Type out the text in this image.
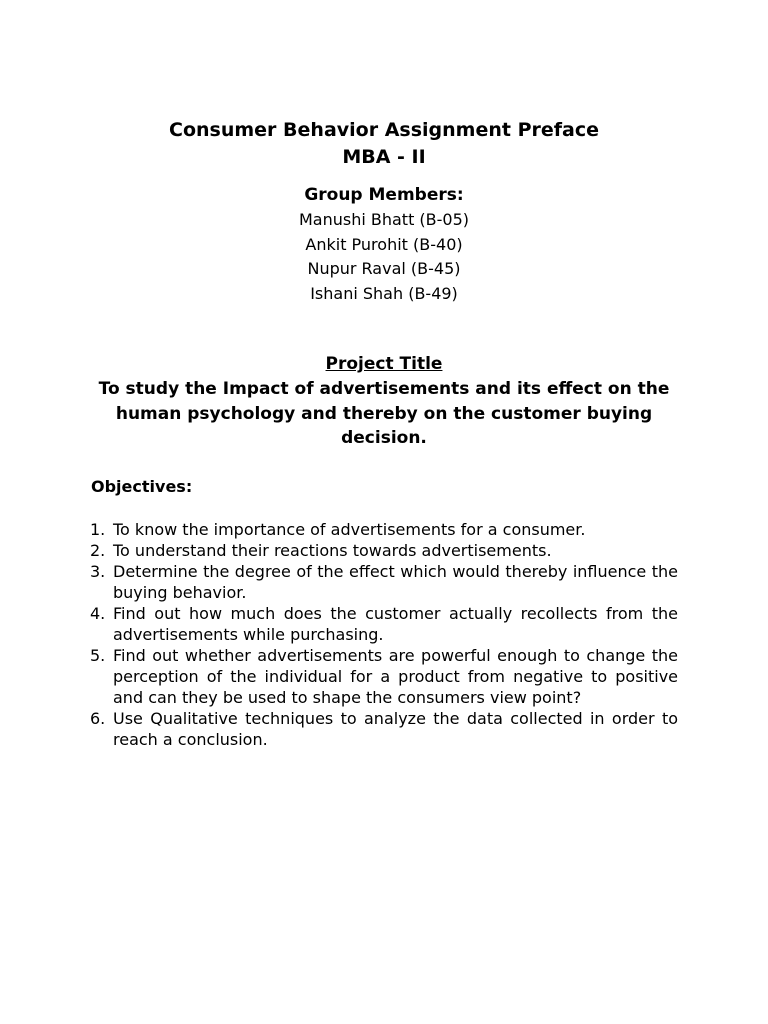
Consumer Behavior Assignment Preface
MBA - II
Group Members:
Manushi Bhatt (B-05)
Ankit Purohit (B-40)
Nupur Raval (B-45)
Ishani Shah (B-49)
Project Title
To study the Impact of advertisements and its effect on the human psychology and thereby on the customer buying decision.
Objectives:
1. To know the importance of advertisements for a consumer.
2. To understand their reactions towards advertisements.
3. Determine the degree of the effect which would thereby influence the buying behavior.
4. Find out how much does the customer actually recollects from the advertisements while purchasing.
5. Find out whether advertisements are powerful enough to change the perception of the individual for a product from negative to positive and can they be used to shape the consumers view point?
6. Use Qualitative techniques to analyze the data collected in order to reach a conclusion.
